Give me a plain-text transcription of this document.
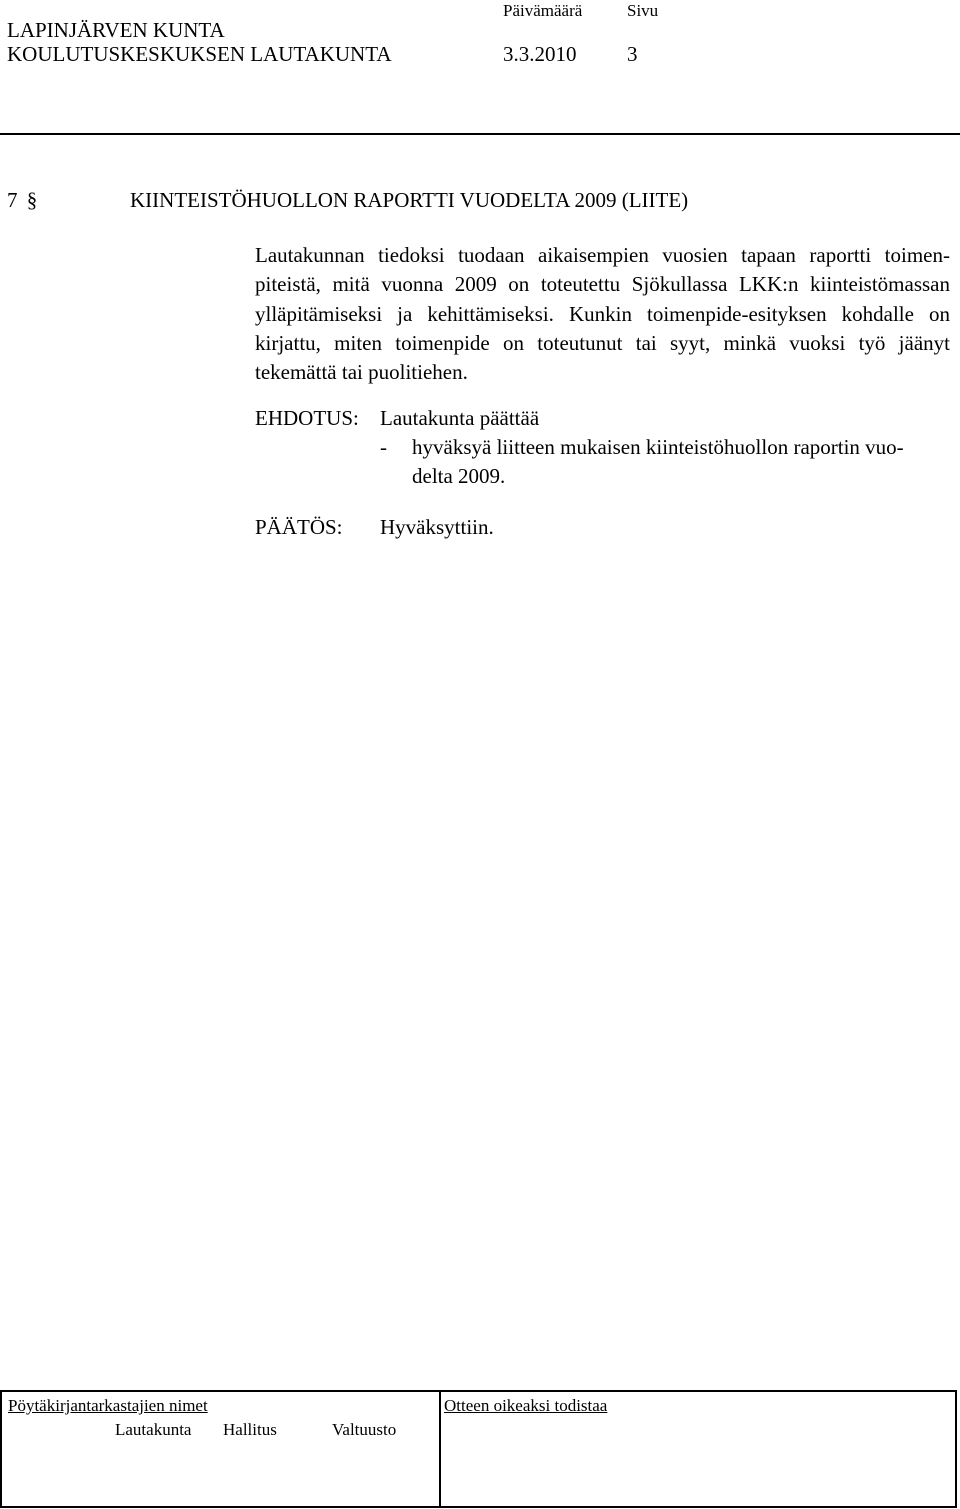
LAPINJÄRVEN KUNTA
Päivämäärä	Sivu
KOULUTUSKESKUKSEN LAUTAKUNTA	3.3.2010 3
7 §	KIINTEISTÖHUOLLON RAPORTTI VUODELTA 2009 (LIITE)
Lautakunnan tiedoksi tuodaan aikaisempien vuosien tapaan raportti toimenpiteistä, mitä vuonna 2009 on toteutettu Sjökullassa LKK:n kiinteistömassan ylläpitämiseksi ja kehittämiseksi. Kunkin toimenpide-esityksen kohdalle on kirjattu, miten toimenpide on toteutunut tai syyt, minkä vuoksi työ jäänyt tekemättä tai puolitiehen.
EHDOTUS: Lautakunta päättää
- hyväksyä liitteen mukaisen kiinteistöhuollon raportin vuo-
delta 2009.
PÄÄTÖS: Hyväksyttiin.
Pöytäkirjantarkastajien nimet
Lautakunta Hallitus	Valtuusto
Otteen oikeaksi todistaa
